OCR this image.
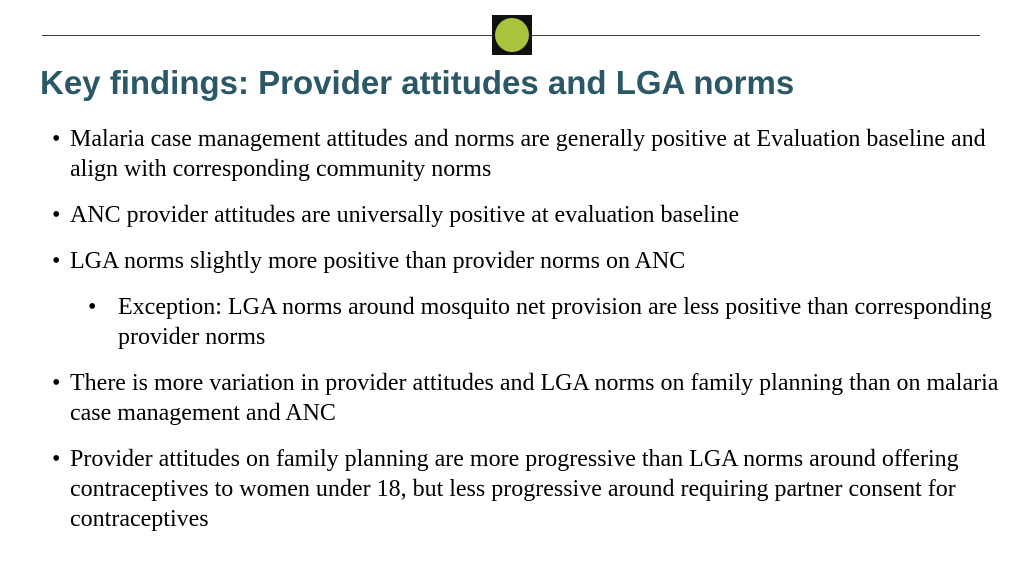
Key findings: Provider attitudes and LGA norms
• Malaria case management attitudes and norms are generally positive at Evaluation baseline and align with corresponding community norms
• ANC provider attitudes are universally positive at evaluation baseline
• LGA norms slightly more positive than provider norms on ANC
• Exception: LGA norms around mosquito net provision are less positive than corresponding provider norms
• There is more variation in provider attitudes and LGA norms on family planning than on malaria case management and ANC
• Provider attitudes on family planning are more progressive than LGA norms around offering contraceptives to women under 18, but less progressive around requiring partner consent for contraceptives
